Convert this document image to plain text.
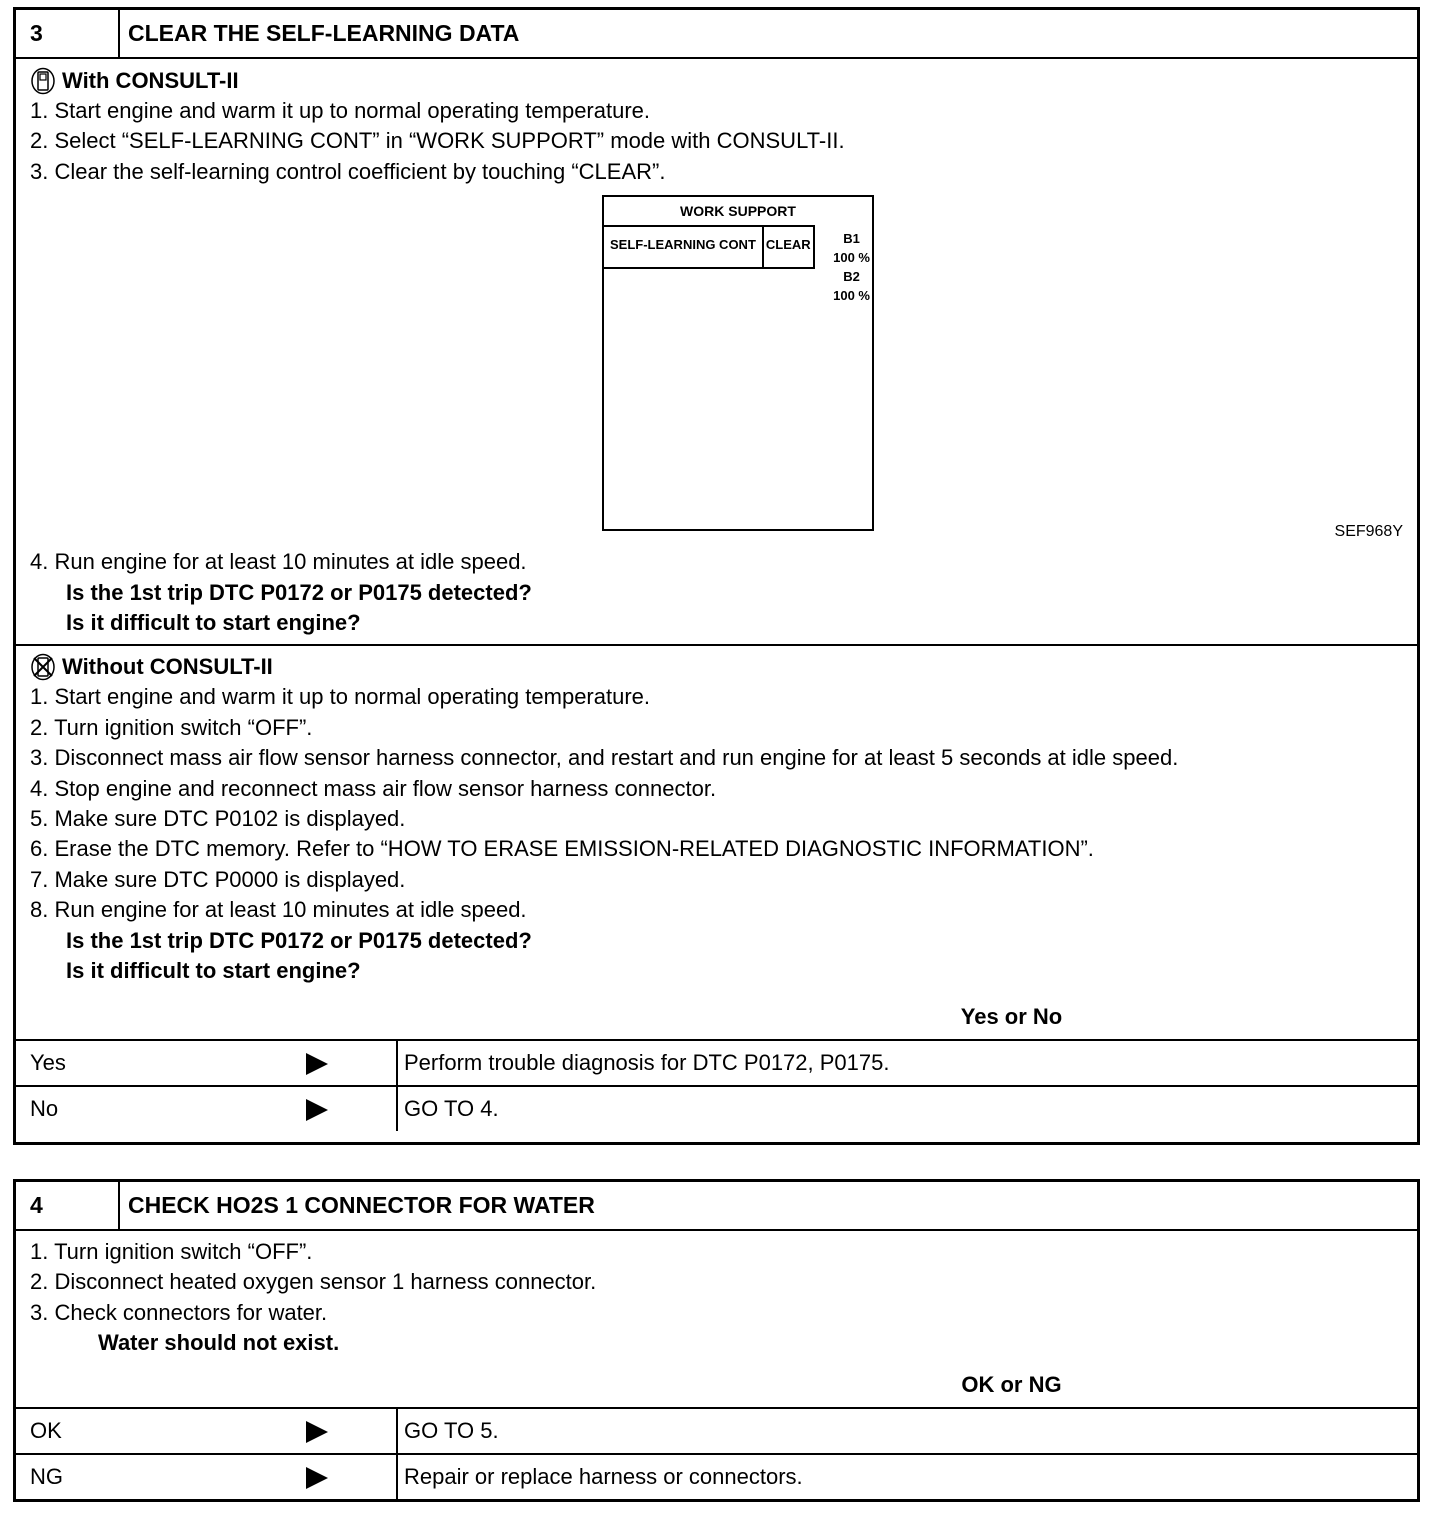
3	CLEAR THE SELF-LEARNING DATA
With CONSULT-II
1. Start engine and warm it up to normal operating temperature.
2. Select “SELF-LEARNING CONT” in “WORK SUPPORT” mode with CONSULT-II.
3. Clear the self-learning control coefficient by touching “CLEAR”.
WORK SUPPORT
SELF-LEARNING CONT CLEAR	B1
100 %
B2
100 %
SEF968Y
4. Run engine for at least 10 minutes at idle speed.
Is the 1st trip DTC P0172 or P0175 detected?
Is it difficult to start engine?
Without CONSULT-II
1. Start engine and warm it up to normal operating temperature.
2. Turn ignition switch “OFF”.
3. Disconnect mass air flow sensor harness connector, and restart and run engine for at least 5 seconds at idle speed.
4. Stop engine and reconnect mass air flow sensor harness connector.
5. Make sure DTC P0102 is displayed.
6. Erase the DTC memory. Refer to “HOW TO ERASE EMISSION-RELATED DIAGNOSTIC INFORMATION”.
7. Make sure DTC P0000 is displayed.
8. Run engine for at least 10 minutes at idle speed.
Is the 1st trip DTC P0172 or P0175 detected?
Is it difficult to start engine?
Yes or No
Yes	Perform trouble diagnosis for DTC P0172, P0175.
No	GO TO 4.
4	CHECK HO2S 1 CONNECTOR FOR WATER
1. Turn ignition switch “OFF”.
2. Disconnect heated oxygen sensor 1 harness connector.
3. Check connectors for water.
Water should not exist.
OK or NG
OK	GO TO 5.
NG	Repair or replace harness or connectors.
